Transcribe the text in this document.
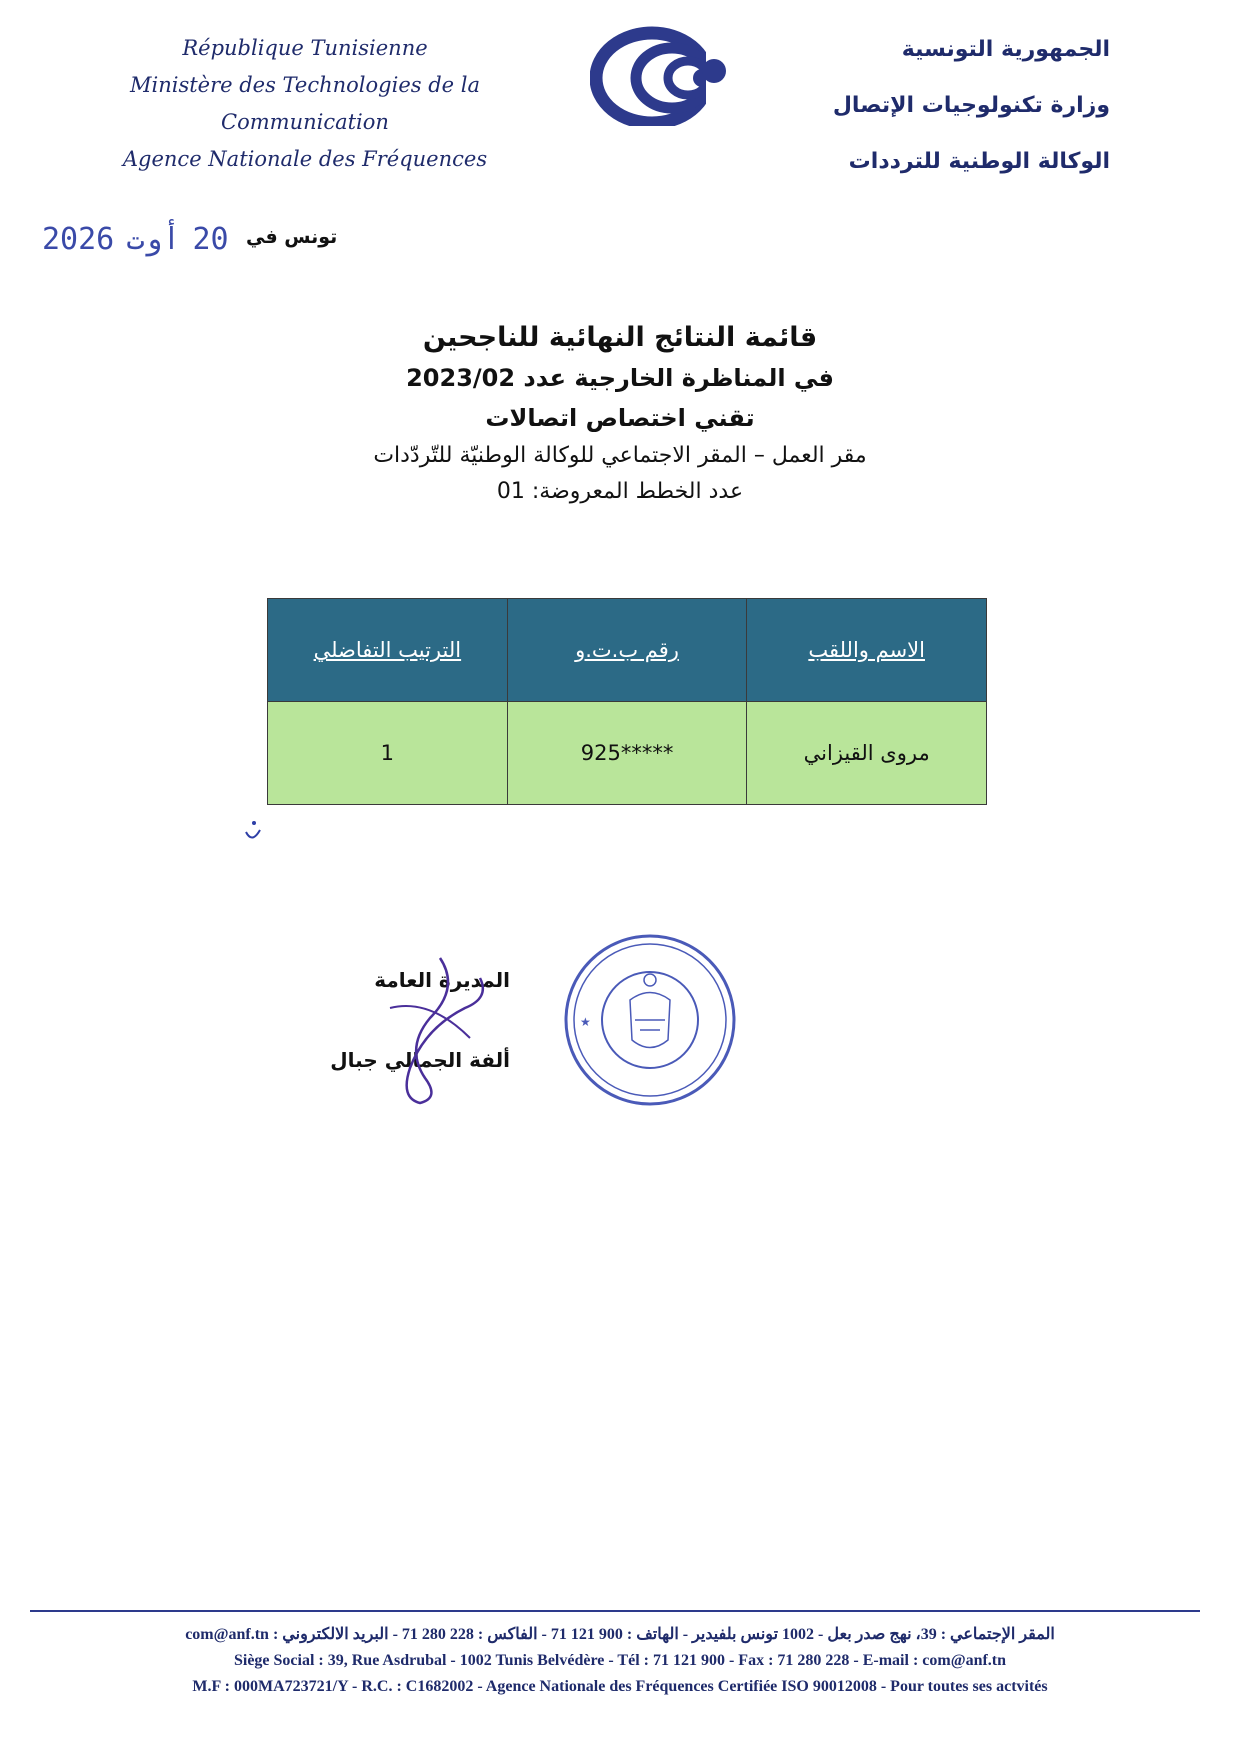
République Tunisienne
Ministère des Technologies de la Communication
Agence Nationale des Fréquences
الجمهورية التونسية
وزارة تكنولوجيات الإتصال
الوكالة الوطنية للترددات
تونس في
20أوت2026
قائمة النتائج النهائية للناجحين
في المناظرة الخارجية عدد 2023/02
تقني اختصاص اتصالات
مقر العمل – المقر الاجتماعي للوكالة الوطنيّة للتّردّدات
عدد الخطط المعروضة: 01
الاسم واللقب	رقم ب.ت.و	الترتيب التفاضلي
مروى القيزاني	*****925	1
المديرة العامة
ألفة الجمالي جبال
★
المقر الإجتماعي : 39، نهج صدر بعل - 1002 تونس بلفيدير - الهاتف : 900 121 71 - الفاكس : 228 280 71 - البريد الالكتروني : com@anf.tn
Siège Social : 39, Rue Asdrubal - 1002 Tunis Belvédère - Tél : 71 121 900 - Fax : 71 280 228 - E-mail : com@anf.tn
M.F : 000MA723721/Y - R.C. : C1682002 - Agence Nationale des Fréquences Certifiée ISO 90012008 - Pour toutes ses actvités
